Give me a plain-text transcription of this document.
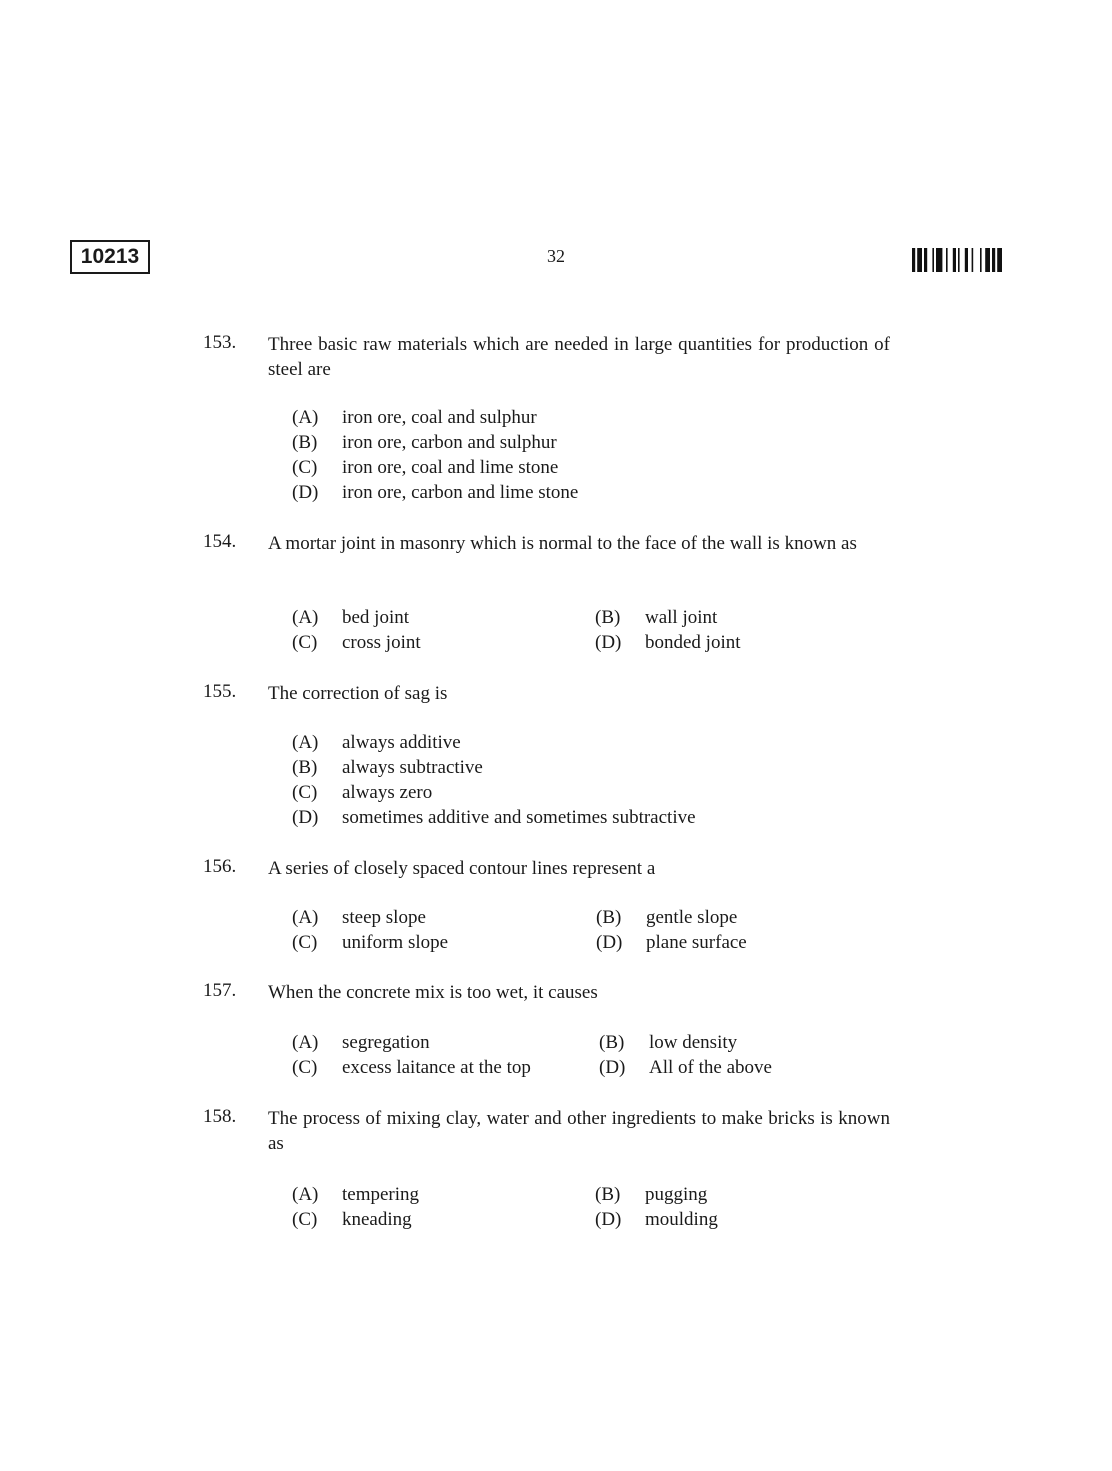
10213	32
153. Three basic raw materials which are needed in large quantities for production of steel are
(A) iron ore, coal and sulphur
(B) iron ore, carbon and sulphur
(C) iron ore, coal and lime stone
(D) iron ore, carbon and lime stone
154. A mortar joint in masonry which is normal to the face of the wall is known as
(A) bed joint	(B) wall joint
(C) cross joint	(D) bonded joint
155. The correction of sag is
(A) always additive
(B) always subtractive
(C) always zero
(D) sometimes additive and sometimes subtractive
156. A series of closely spaced contour lines represent a
(A) steep slope	(B) gentle slope
(C) uniform slope	(D) plane surface
157. When the concrete mix is too wet, it causes
(A) segregation	(B) low density
(C) excess laitance at the top	(D) All of the above
158. The process of mixing clay, water and other ingredients to make bricks is known as
(A) tempering	(B) pugging
(C) kneading	(D) moulding
